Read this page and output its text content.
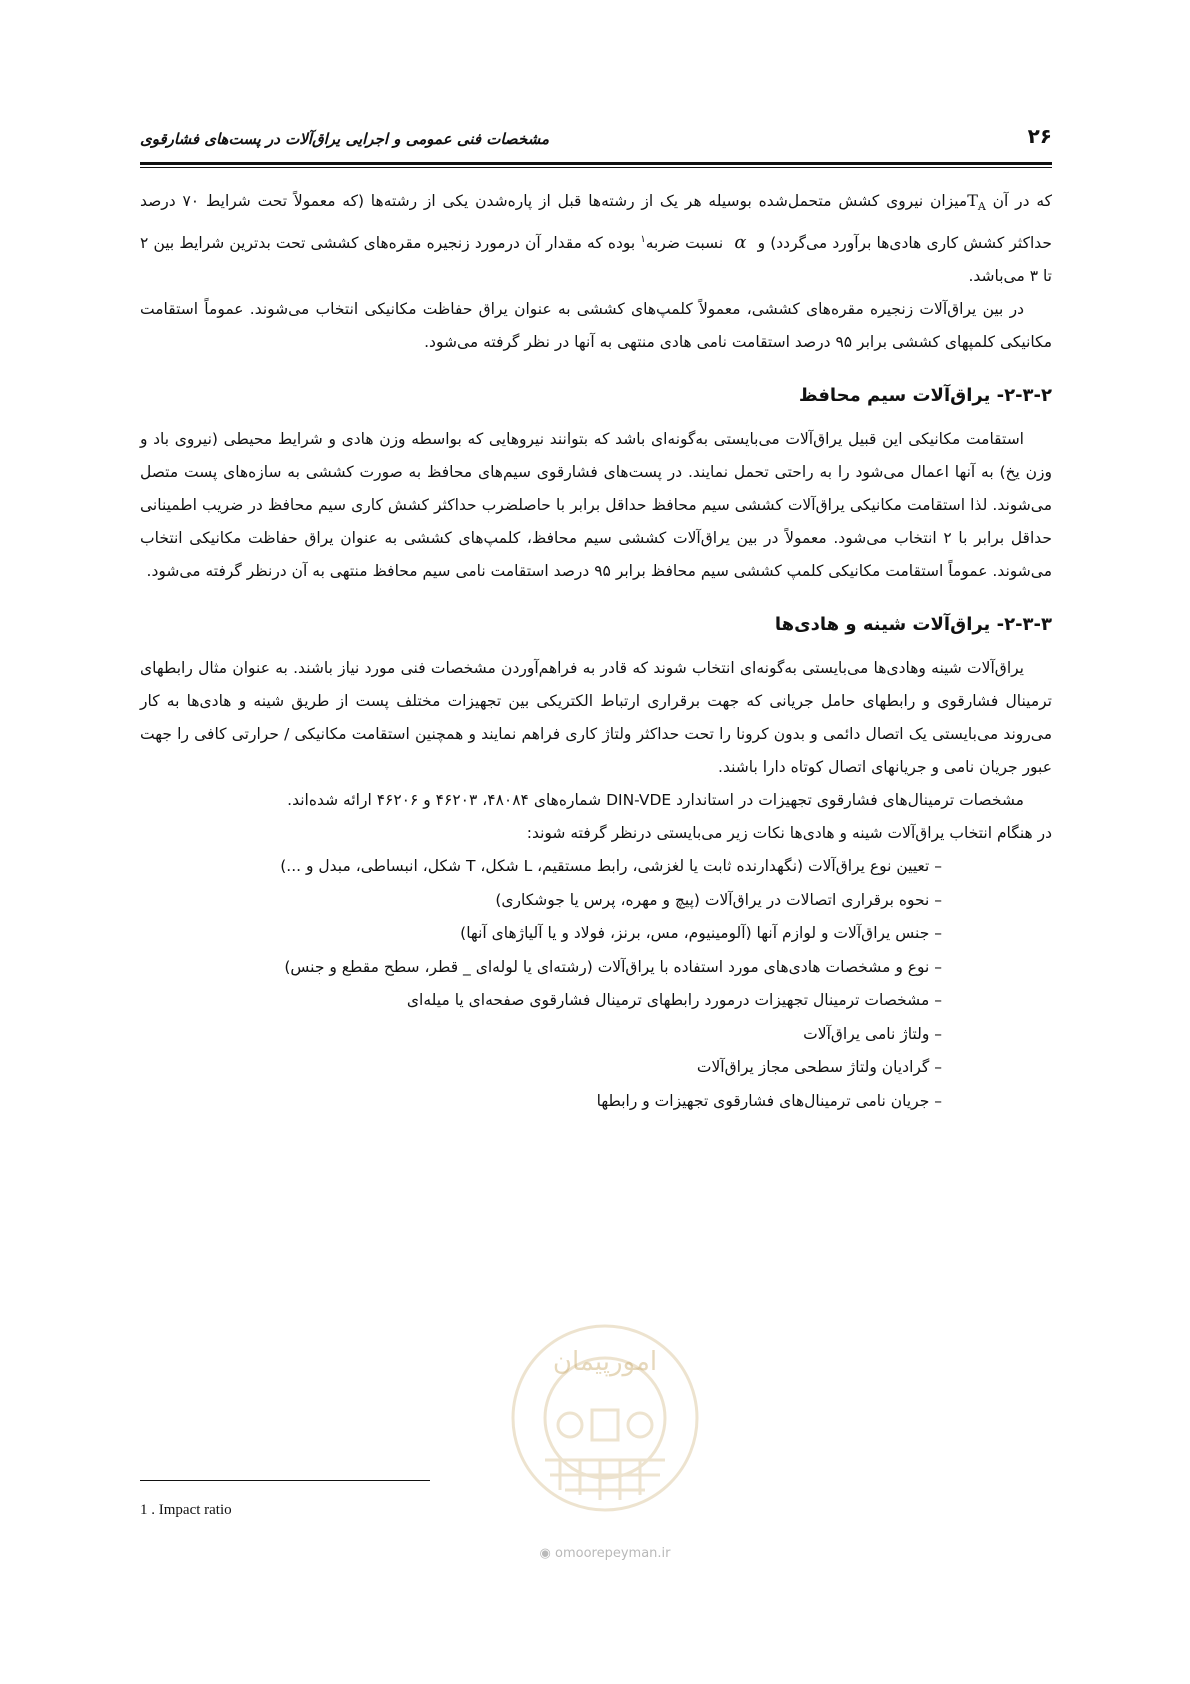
۲۶
مشخصات فنی عمومی و اجرایی یراق‌آلات در پست‌های فشارقوی

که در آن $T_Aمیزان$ نیروی کشش متحمل‌شده بوسیله هر یک از رشته‌ها قبل از پاره‌شدن یکی از رشته‌ها (که معمولاً تحت شرایط ۷۰ درصد حداکثر کشش کاری هادی‌ها برآورد می‌گردد) و α نسبت ضربه$^۱$ بوده که مقدار آن درمورد زنجیره مقره‌های کششی تحت بدترین شرایط بین ۲ تا ۳ می‌باشد.

در بین یراق‌آلات زنجیره مقره‌های کششی، معمولاً کلمپ‌های کششی به عنوان یراق حفاظت مکانیکی انتخاب می‌شوند. عموماً استقامت مکانیکی کلمپهای کششی برابر ۹۵ درصد استقامت نامی هادی منتهی به آنها در نظر گرفته می‌شود.

۲-۳-۲- یراق‌آلات سیم محافظ

استقامت مکانیکی این قبیل یراق‌آلات می‌بایستی به‌گونه‌ای باشد که بتوانند نیروهایی که بواسطه وزن هادی و شرایط محیطی (نیروی باد و وزن یخ) به آنها اعمال می‌شود را به راحتی تحمل نمایند. در پست‌های فشارقوی سیم‌های محافظ به صورت کششی به سازه‌های پست متصل می‌شوند. لذا استقامت مکانیکی یراق‌آلات کششی سیم محافظ حداقل برابر با حاصلضرب حداکثر کشش کاری سیم محافظ در ضریب اطمینانی حداقل برابر با ۲ انتخاب می‌شود. معمولاً در بین یراق‌آلات کششی سیم محافظ، کلمپ‌های کششی به عنوان یراق حفاظت مکانیکی انتخاب می‌شوند. عموماً استقامت مکانیکی کلمپ کششی سیم محافظ برابر ۹۵ درصد استقامت نامی سیم محافظ منتهی به آن درنظر گرفته می‌شود.

۲-۳-۳- یراق‌آلات شینه و هادی‌ها

یراق‌آلات شینه وهادی‌ها می‌بایستی به‌گونه‌ای انتخاب شوند که قادر به فراهم‌آوردن مشخصات فنی مورد نیاز باشند. به عنوان مثال رابطهای ترمینال فشارقوی و رابطهای حامل جریانی که جهت برقراری ارتباط الکتریکی بین تجهیزات مختلف پست از طریق شینه و هادی‌ها به کار می‌روند می‌بایستی یک اتصال دائمی و بدون کرونا را تحت حداکثر ولتاژ کاری فراهم نمایند و همچنین استقامت مکانیکی / حرارتی کافی را جهت عبور جریان نامی و جریانهای اتصال کوتاه دارا باشند.

مشخصات ترمینال‌های فشارقوی تجهیزات در استاندارد DIN-VDE شماره‌های ۴۸۰۸۴، ۴۶۲۰۳ و ۴۶۲۰۶ ارائه شده‌اند.

در هنگام انتخاب یراق‌آلات شینه و هادی‌ها نکات زیر می‌بایستی درنظر گرفته شوند:

– تعیین نوع یراق‌آلات (نگهدارنده ثابت یا لغزشی، رابط مستقیم، L شکل، T شکل، انبساطی، مبدل و ...)
– نحوه برقراری اتصالات در یراق‌آلات (پیچ و مهره، پرس یا جوشکاری)
– جنس یراق‌آلات و لوازم آنها (آلومینیوم، مس، برنز، فولاد و یا آلیاژهای آنها)
– نوع و مشخصات هادی‌های مورد استفاده با یراق‌آلات (رشته‌ای یا لوله‌ای _ قطر، سطح مقطع و جنس)
– مشخصات ترمینال تجهیزات درمورد رابطهای ترمینال فشارقوی صفحه‌ای یا میله‌ای
– ولتاژ نامی یراق‌آلات
– گرادیان ولتاژ سطحی مجاز یراق‌آلات
– جریان نامی ترمینال‌های فشارقوی تجهیزات و رابطها
امورپیمان
◉ omoorepeyman.ir
1 . Impact ratio
